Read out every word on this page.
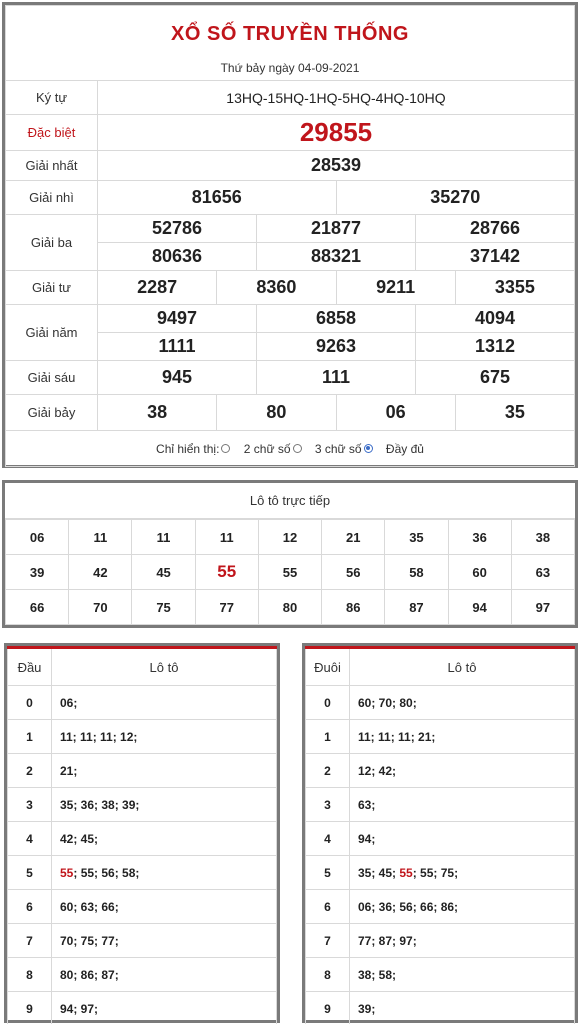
XỔ SỐ TRUYỀN THỐNG						

Thứ bảy ngày 04-09-2021						
Ký tự	13HQ-15HQ-1HQ-5HQ-4HQ-10HQ					
Đặc biệt	29855					
Giải nhất	28539					
Giải nhì	81656			35270		
Giải ba	52786		21877		28766	
	80636		88321		37142	
Giải tư	2287	8360		9211		3355
Giải năm	9497		6858		4094	
	1111		9263		1312	
Giải sáu	945		111		675	
Giải bảy	38	80		06		35
Chỉ hiển thị: 2 chữ số 3 chữ số Đầy đủ						
Lô tô trực tiếp
06	11	11	11	12	21	35	36	38
39	42	45	55	55	56	58	60	63
66	70	75	77	80	86	87	94	97
Đầu	Lô tô
0	06;
1	11; 11; 11; 12;
2	21;
3	35; 36; 38; 39;
4	42; 45;
5	55; 55; 56; 58;
6	60; 63; 66;
7	70; 75; 77;
8	80; 86; 87;
9	94; 97;
Đuôi	Lô tô
0	60; 70; 80;
1	11; 11; 11; 21;
2	12; 42;
3	63;
4	94;
5	35; 45; 55; 55; 75;
6	06; 36; 56; 66; 86;
7	77; 87; 97;
8	38; 58;
9	39;
